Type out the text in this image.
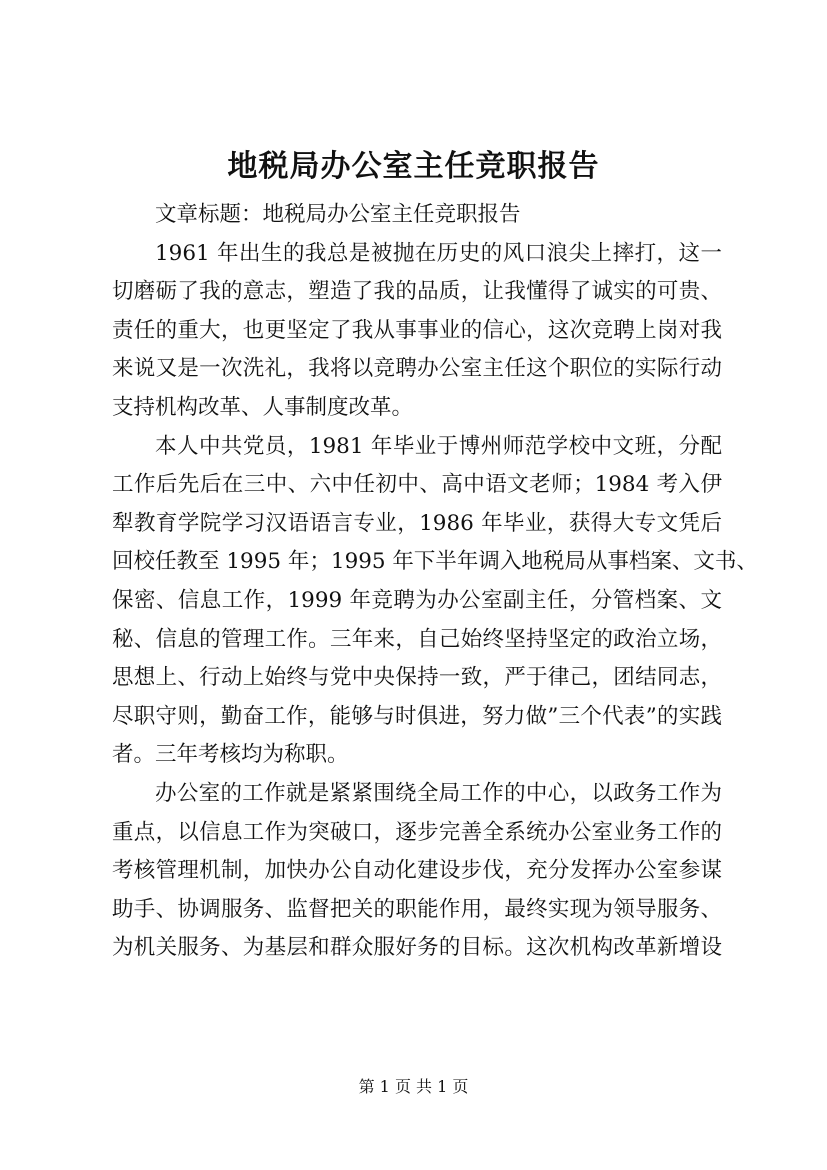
地税局办公室主任竞职报告
文章标题：地税局办公室主任竞职报告
1961 年出生的我总是被抛在历史的风口浪尖上摔打，这一
切磨砺了我的意志，塑造了我的品质，让我懂得了诚实的可贵、
责任的重大，也更坚定了我从事事业的信心，这次竞聘上岗对我
来说又是一次洗礼，我将以竞聘办公室主任这个职位的实际行动
支持机构改革、人事制度改革。
本人中共党员，1981 年毕业于博州师范学校中文班，分配
工作后先后在三中、六中任初中、高中语文老师；1984 考入伊
犁教育学院学习汉语语言专业，1986 年毕业，获得大专文凭后
回校任教至 1995 年；1995 年下半年调入地税局从事档案、文书、
保密、信息工作，1999 年竞聘为办公室副主任，分管档案、文
秘、信息的管理工作。三年来，自己始终坚持坚定的政治立场，
思想上、行动上始终与党中央保持一致，严于律己，团结同志，
尽职守则，勤奋工作，能够与时俱进，努力做”三个代表”的实践
者。三年考核均为称职。
办公室的工作就是紧紧围绕全局工作的中心，以政务工作为
重点，以信息工作为突破口，逐步完善全系统办公室业务工作的
考核管理机制，加快办公自动化建设步伐，充分发挥办公室参谋
助手、协调服务、监督把关的职能作用，最终实现为领导服务、
为机关服务、为基层和群众服好务的目标。这次机构改革新增设
第 1 页 共 1 页
